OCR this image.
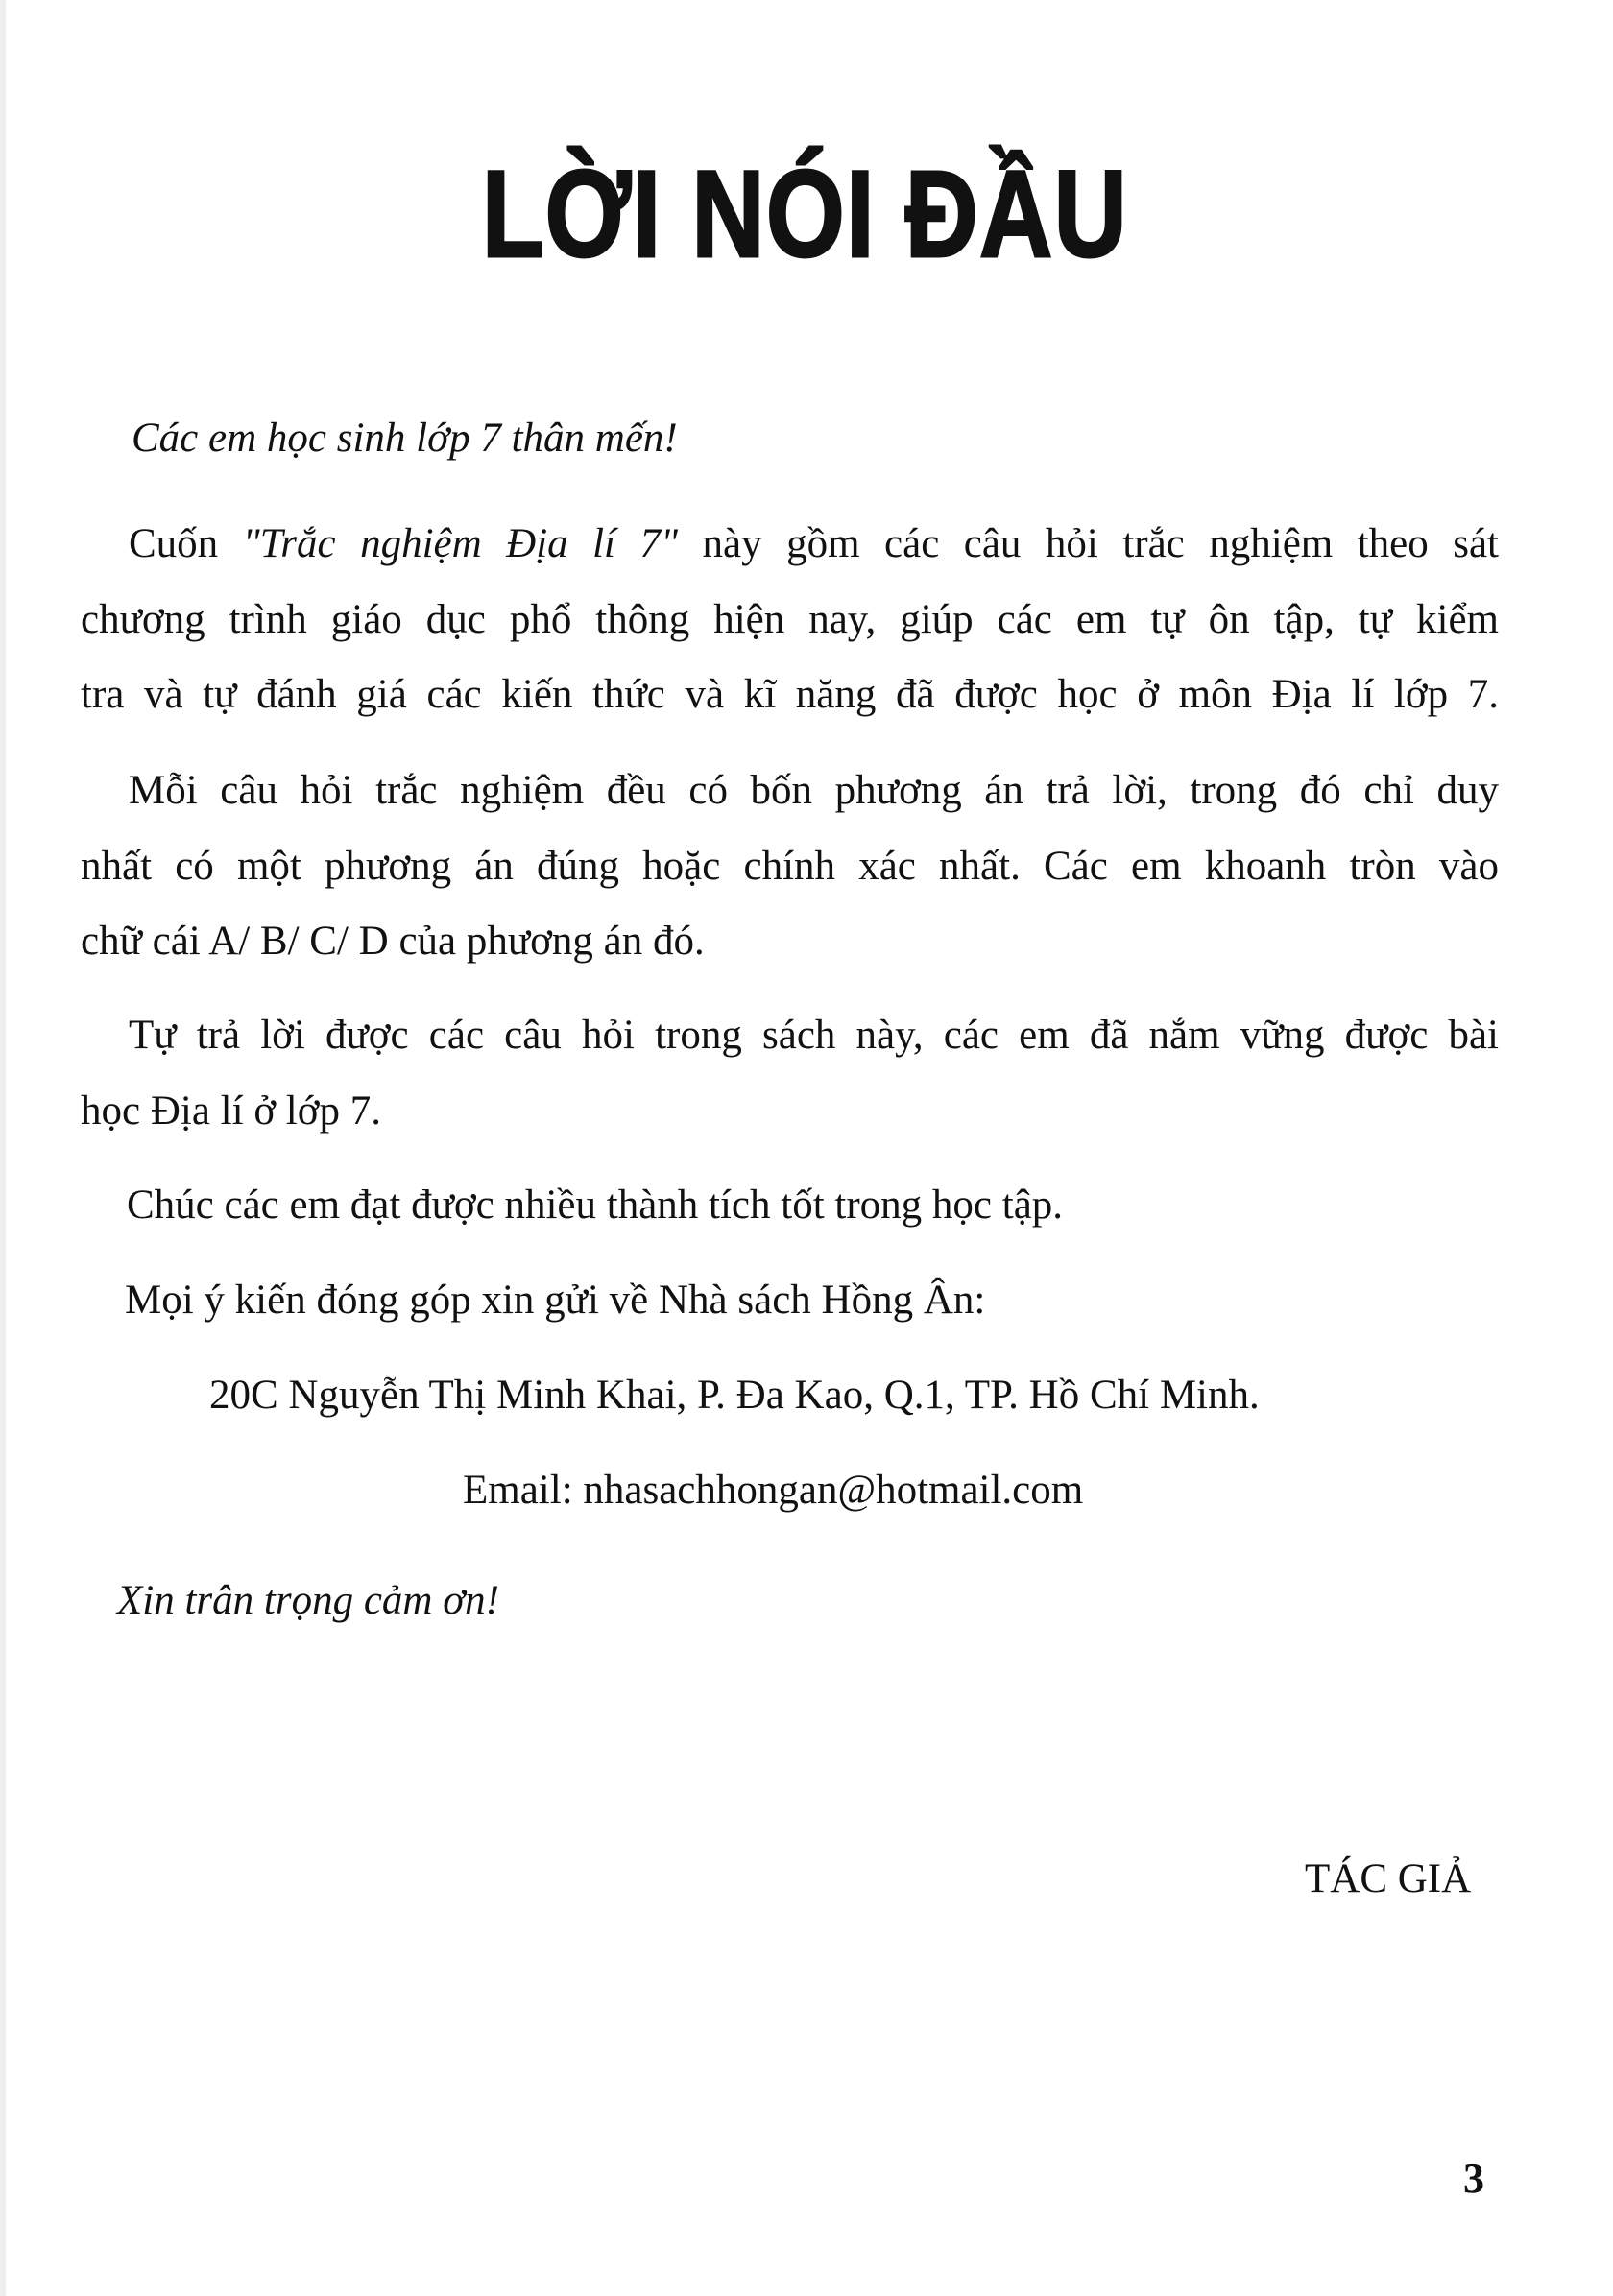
LỜI NÓI ĐẦU
Các em học sinh lớp 7 thân mến!
Cuốn "Trắc nghiệm Địa lí 7" này gồm các câu hỏi trắc nghiệm theo sát
chương trình giáo dục phổ thông hiện nay, giúp các em tự ôn tập, tự kiểm
tra và tự đánh giá các kiến thức và kĩ năng đã được học ở môn Địa lí lớp 7.
Mỗi câu hỏi trắc nghiệm đều có bốn phương án trả lời, trong đó chỉ duy
nhất có một phương án đúng hoặc chính xác nhất. Các em khoanh tròn vào
chữ cái A/ B/ C/ D của phương án đó.
Tự trả lời được các câu hỏi trong sách này, các em đã nắm vững được bài
học Địa lí ở lớp 7.
Chúc các em đạt được nhiều thành tích tốt trong học tập.
Mọi ý kiến đóng góp xin gửi về Nhà sách Hồng Ân:
20C Nguyễn Thị Minh Khai, P. Đa Kao, Q.1, TP. Hồ Chí Minh.
Email: nhasachhongan@hotmail.com
Xin trân trọng cảm ơn!
TÁC GIẢ
3
